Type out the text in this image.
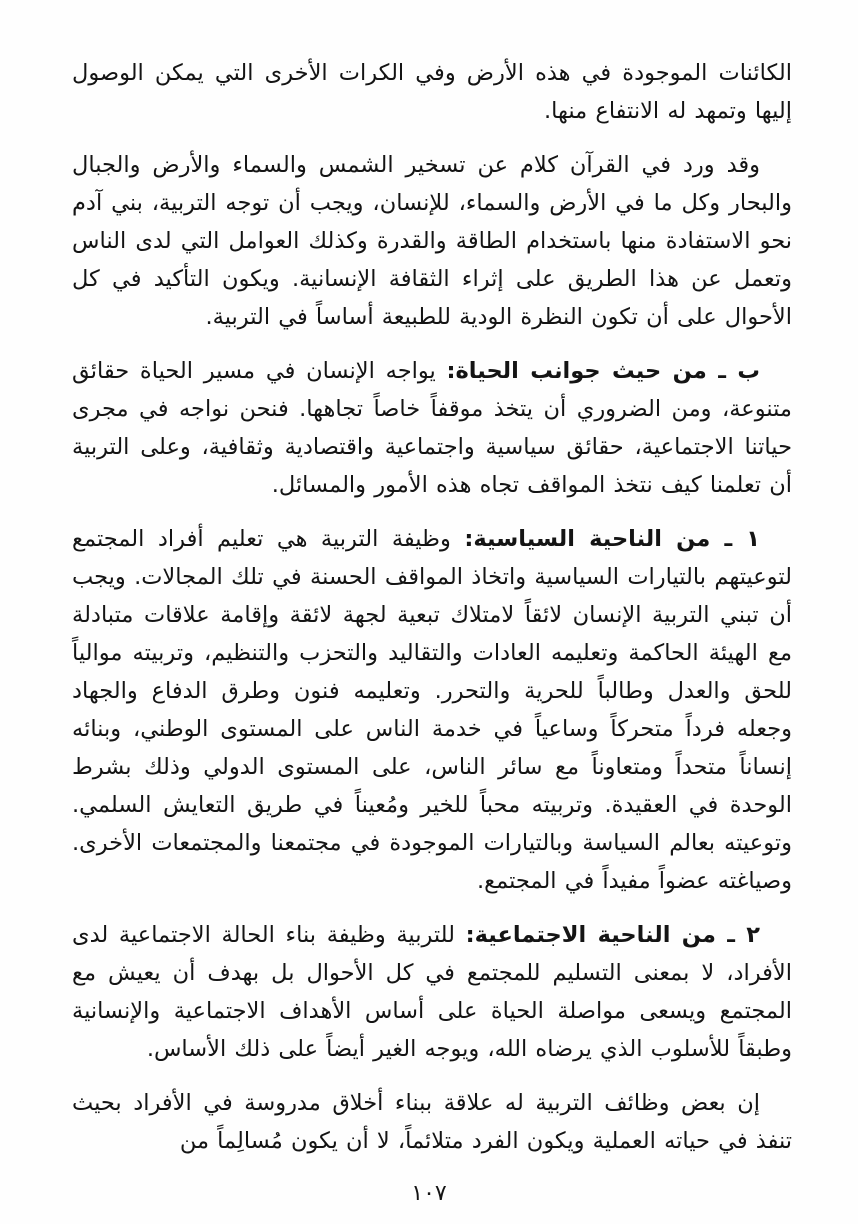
الكائنات الموجودة في هذه الأرض وفي الكرات الأخرى التي يمكن الوصول إليها وتمهد له الانتفاع منها.

وقد ورد في القرآن كلام عن تسخير الشمس والسماء والأرض والجبال والبحار وكل ما في الأرض والسماء، للإنسان، ويجب أن توجه التربية، بني آدم نحو الاستفادة منها باستخدام الطاقة والقدرة وكذلك العوامل التي لدى الناس وتعمل عن هذا الطريق على إثراء الثقافة الإنسانية. ويكون التأكيد في كل الأحوال على أن تكون النظرة الودية للطبيعة أساساً في التربية.

ب ـ من حيث جوانب الحياة: يواجه الإنسان في مسير الحياة حقائق متنوعة، ومن الضروري أن يتخذ موقفاً خاصاً تجاهها. فنحن نواجه في مجرى حياتنا الاجتماعية، حقائق سياسية واجتماعية واقتصادية وثقافية، وعلى التربية أن تعلمنا كيف نتخذ المواقف تجاه هذه الأمور والمسائل.

١ ـ من الناحية السياسية: وظيفة التربية هي تعليم أفراد المجتمع لتوعيتهم بالتيارات السياسية واتخاذ المواقف الحسنة في تلك المجالات. ويجب أن تبني التربية الإنسان لائقاً لامتلاك تبعية لجهة لائقة وإقامة علاقات متبادلة مع الهيئة الحاكمة وتعليمه العادات والتقاليد والتحزب والتنظيم، وتربيته موالياً للحق والعدل وطالباً للحرية والتحرر. وتعليمه فنون وطرق الدفاع والجهاد وجعله فرداً متحركاً وساعياً في خدمة الناس على المستوى الوطني، وبنائه إنساناً متحداً ومتعاوناً مع سائر الناس، على المستوى الدولي وذلك بشرط الوحدة في العقيدة. وتربيته محباً للخير ومُعيناً في طريق التعايش السلمي. وتوعيته بعالم السياسة وبالتيارات الموجودة في مجتمعنا والمجتمعات الأخرى. وصياغته عضواً مفيداً في المجتمع.

٢ ـ من الناحية الاجتماعية: للتربية وظيفة بناء الحالة الاجتماعية لدى الأفراد، لا بمعنى التسليم للمجتمع في كل الأحوال بل بهدف أن يعيش مع المجتمع ويسعى مواصلة الحياة على أساس الأهداف الاجتماعية والإنسانية وطبقاً للأسلوب الذي يرضاه الله، ويوجه الغير أيضاً على ذلك الأساس.

إن بعض وظائف التربية له علاقة ببناء أخلاق مدروسة في الأفراد بحيث تنفذ في حياته العملية ويكون الفرد متلائماً، لا أن يكون مُسالِماً من

١٠٧
